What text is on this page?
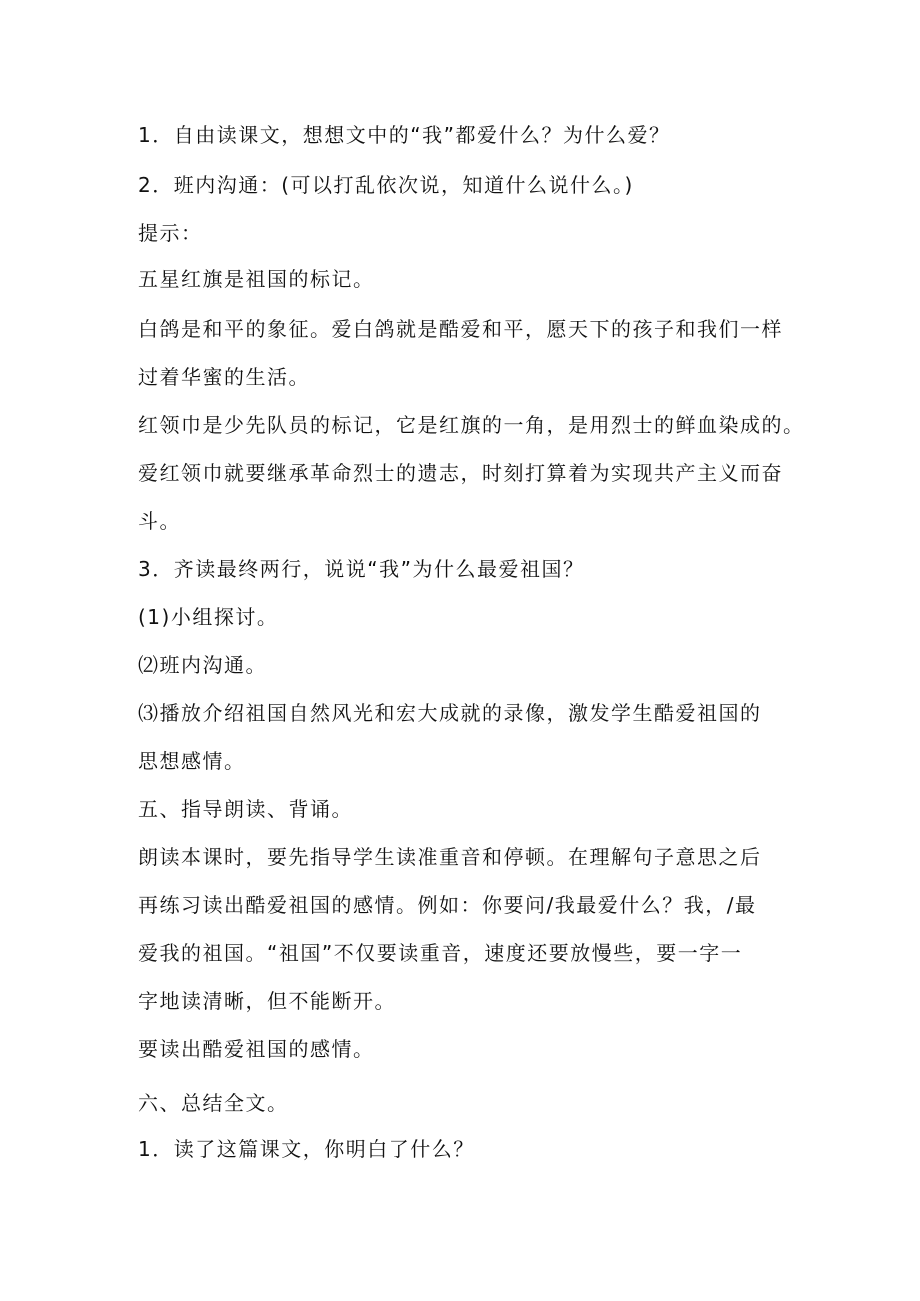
1．自由读课文，想想文中的“我”都爱什么？为什么爱？
2．班内沟通：(可以打乱依次说，知道什么说什么。)
提示：
五星红旗是祖国的标记。
白鸽是和平的象征。爱白鸽就是酷爱和平，愿天下的孩子和我们一样
过着华蜜的生活。
红领巾是少先队员的标记，它是红旗的一角，是用烈士的鲜血染成的。
爱红领巾就要继承革命烈士的遗志，时刻打算着为实现共产主义而奋
斗。
3．齐读最终两行，说说“我”为什么最爱祖国？
(1)小组探讨。
⑵班内沟通。
⑶播放介绍祖国自然风光和宏大成就的录像，激发学生酷爱祖国的
思想感情。
五、指导朗读、背诵。
朗读本课时，要先指导学生读准重音和停顿。在理解句子意思之后
再练习读出酷爱祖国的感情。例如：你要问/我最爱什么？我，/最
爱我的祖国。“祖国”不仅要读重音，速度还要放慢些，要一字一
字地读清晰，但不能断开。
要读出酷爱祖国的感情。
六、总结全文。
1．读了这篇课文，你明白了什么？
